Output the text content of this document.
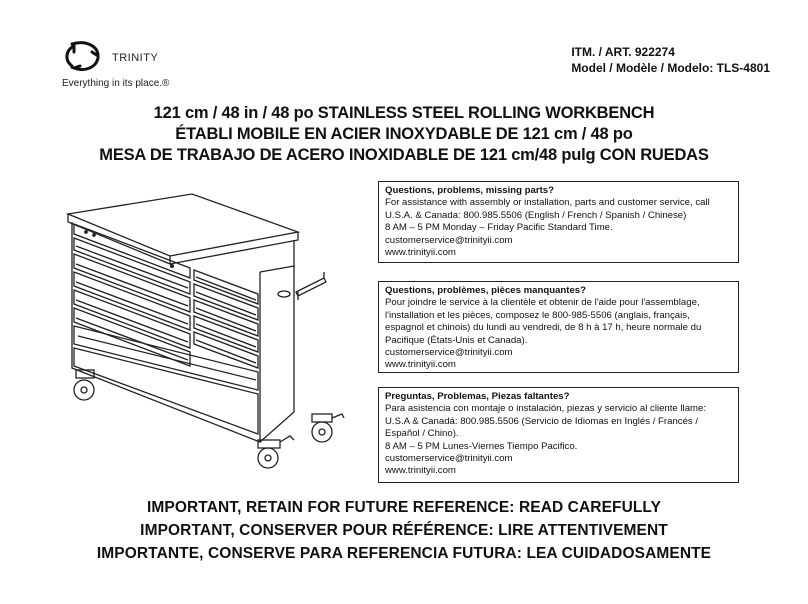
TRINITY
Everything in its place.®
ITM. / ART. 922274
Model / Modèle / Modelo: TLS-4801
121 cm / 48 in / 48 po STAINLESS STEEL ROLLING WORKBENCH
ÉTABLI MOBILE EN ACIER INOXYDABLE DE 121 cm / 48 po
MESA DE TRABAJO DE ACERO INOXIDABLE DE 121 cm/48 pulg CON RUEDAS
Questions, problems, missing parts?
For assistance with assembly or installation, parts and customer service, call
U.S.A. & Canada: 800.985.5506 (English / French / Spanish / Chinese)
8 AM – 5 PM Monday – Friday Pacific Standard Time.
customerservice@trinityii.com
www.trinityii.com
Questions, problèmes, pièces manquantes?
Pour joindre le service à la clientèle et obtenir de l'aide pour l'assemblage,
l'installation et les pièces, composez le 800-985-5506 (anglais, français,
espagnol et chinois) du lundi au vendredi, de 8 h à 17 h, heure normale du
Pacifique (États-Unis et Canada).
customerservice@trinityii.com
www.trinityii.com
Preguntas, Problemas, Piezas faltantes?
Para asistencia con montaje o instalación, piezas y servicio al cliente llame:
U.S.A & Canadá: 800.985.5506 (Servicio de Idiomas en Inglés / Francés /
Español / Chino).
8 AM – 5 PM Lunes-Viernes Tiempo Pacifico.
customerservice@trinityii.com
www.trinityii.com
IMPORTANT, RETAIN FOR FUTURE REFERENCE: READ CAREFULLY
IMPORTANT, CONSERVER POUR RÉFÉRENCE: LIRE ATTENTIVEMENT
IMPORTANTE, CONSERVE PARA REFERENCIA FUTURA: LEA CUIDADOSAMENTE
